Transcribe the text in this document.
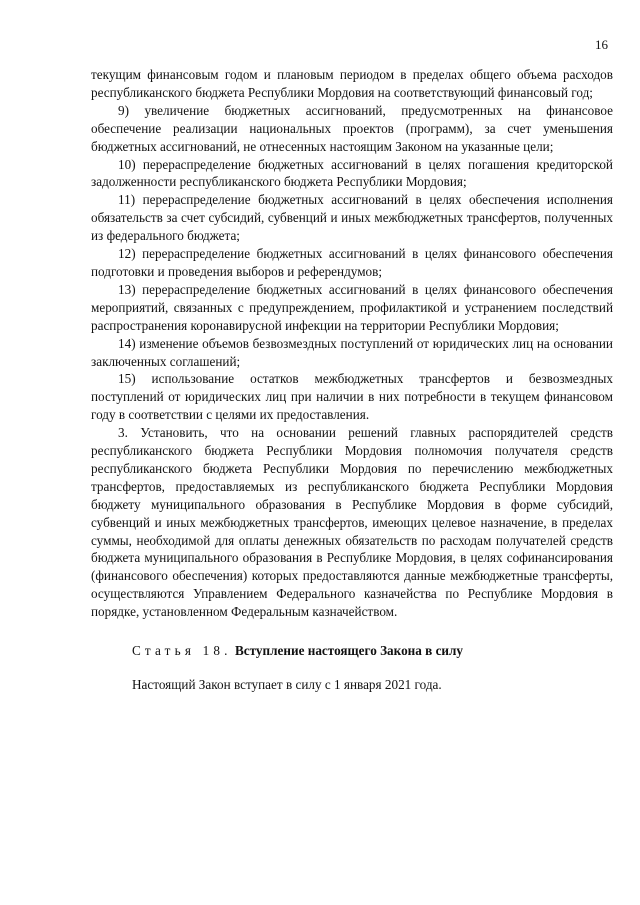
16

текущим финансовым годом и плановым периодом в пределах общего объема расходов республиканского бюджета Республики Мордовия на соответствующий финансовый год;

9) увеличение бюджетных ассигнований, предусмотренных на финансовое обеспечение реализации национальных проектов (программ), за счет уменьшения бюджетных ассигнований, не отнесенных настоящим Законом на указанные цели;

10) перераспределение бюджетных ассигнований в целях погашения кредиторской задолженности республиканского бюджета Республики Мордовия;

11) перераспределение бюджетных ассигнований в целях обеспечения исполнения обязательств за счет субсидий, субвенций и иных межбюджетных трансфертов, полученных из федерального бюджета;

12) перераспределение бюджетных ассигнований в целях финансового обеспечения подготовки и проведения выборов и референдумов;

13) перераспределение бюджетных ассигнований в целях финансового обеспечения мероприятий, связанных с предупреждением, профилактикой и устранением последствий распространения коронавирусной инфекции на территории Республики Мордовия;

14) изменение объемов безвозмездных поступлений от юридических лиц на основании заключенных соглашений;

15) использование остатков межбюджетных трансфертов и безвозмездных поступлений от юридических лиц при наличии в них потребности в текущем финансовом году в соответствии с целями их предоставления.

3. Установить, что на основании решений главных распорядителей средств республиканского бюджета Республики Мордовия полномочия получателя средств республиканского бюджета Республики Мордовия по перечислению межбюджетных трансфертов, предоставляемых из республиканского бюджета Республики Мордовия бюджету муниципального образования в Республике Мордовия в форме субсидий, субвенций и иных межбюджетных трансфертов, имеющих целевое назначение, в пределах суммы, необходимой для оплаты денежных обязательств по расходам получателей средств бюджета муниципального образования в Республике Мордовия, в целях софинансирования (финансового обеспечения) которых предоставляются данные межбюджетные трансферты, осуществляются Управлением Федерального казначейства по Республике Мордовия в порядке, установленном Федеральным казначейством.

Статья 18. Вступление настоящего Закона в силу

Настоящий Закон вступает в силу с 1 января 2021 года.
